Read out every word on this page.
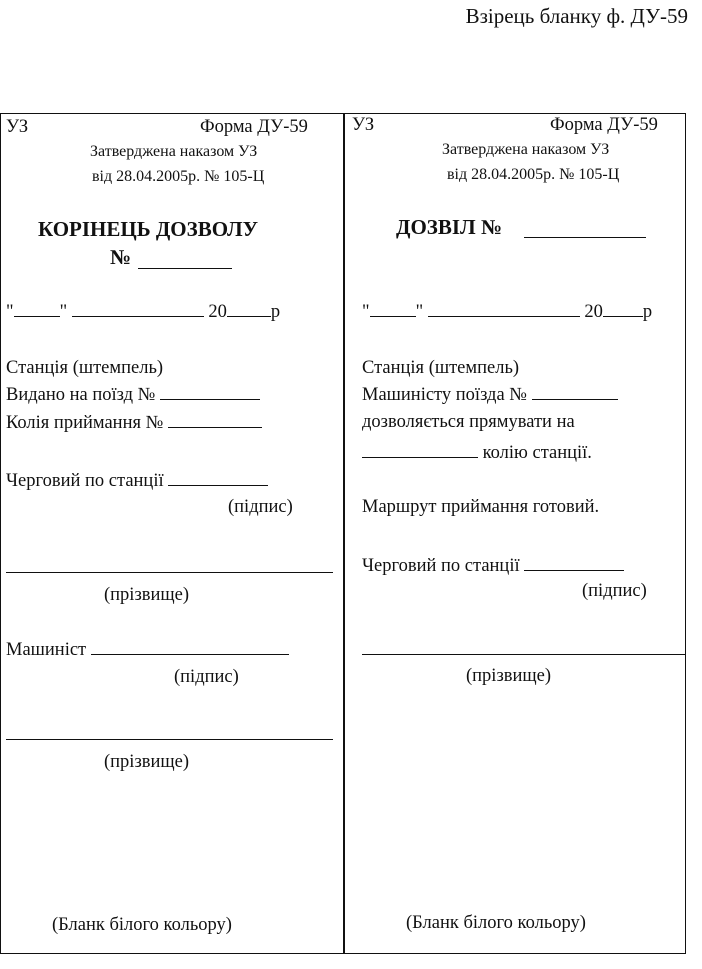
Взірець бланку ф. ДУ-59
УЗ	Форма ДУ-59
Затверджена наказом УЗ
від 28.04.2005р. № 105-Ц
КОРІНЕЦЬ ДОЗВОЛУ
№
" "	20 р
Станція (штемпель)
Видано на поїзд №
Колія приймання №
Черговий по станції
(підпис)
(прізвище)
Машиніст
(підпис)
(прізвище)
(Бланк білого кольору)
УЗ	Форма ДУ-59
Затверджена наказом УЗ
від 28.04.2005р. № 105-Ц
ДОЗВІЛ №
" "	20 р
Станція (штемпель)
Машиністу поїзда №
дозволяється прямувати на
колію станції.
Маршрут приймання готовий.
Черговий по станції
(підпис)
(прізвище)
(Бланк білого кольору)
